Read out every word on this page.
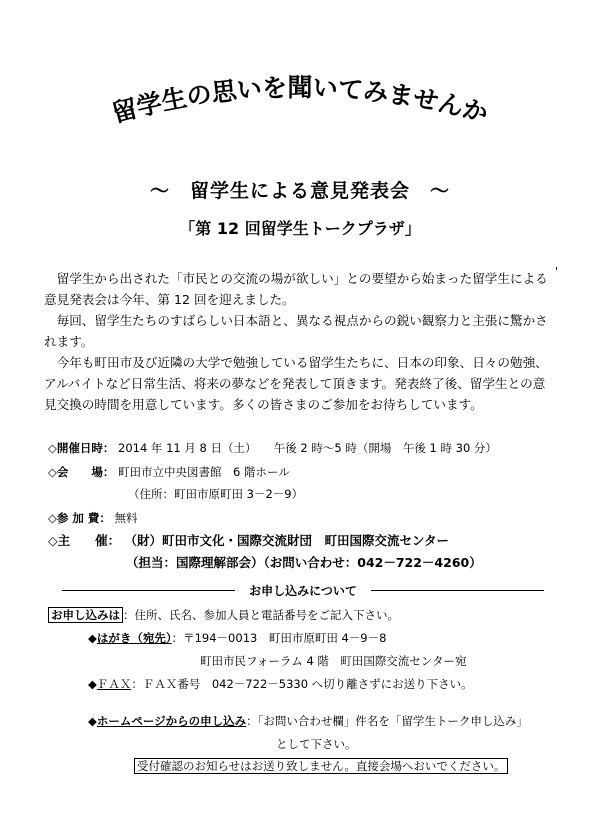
留学生の思いを聞いてみませんか
～　留学生による意見発表会　～
「第 12 回留学生トークプラザ」
'

留学生から出された「市民との交流の場が欲しい」との要望から始まった留学生による意見発表会は今年、第 12 回を迎えました。

毎回、留学生たちのすばらしい日本語と、異なる視点からの鋭い観察力と主張に驚かされます。

今年も町田市及び近隣の大学で勉強している留学生たちに、日本の印象、日々の勉強、アルバイトなど日常生活、将来の夢などを発表して頂きます。発表終了後、留学生との意見交換の時間を用意しています。多くの皆さまのご参加をお待ちしています。

◇開催日時： 2014 年 11 月 8 日（土）　　午後 2 時～5 時（開場　午後 1 時 30 分）
◇会　　場： 町田市立中央図書館　6 階ホール
（住所：町田市原町田 3－2－9）
◇参 加 費： 無料
◇主　　催： （財）町田市文化・国際交流財団　町田国際交流センター
（担当：国際理解部会）（お問い合わせ：042－722－4260）
お申し込みについて
お申し込みは ：住所、氏名、参加人員と電話番号をご記入下さい。
◆はがき（宛先）：〒194－0013　町田市原町田 4－9－8
町田市民フォーラム 4 階　町田国際交流センター宛
◆ＦＡＸ：ＦＡＸ番号　042－722－5330 へ切り離さずにお送り下さい。
◆ホームページからの申し込み：「お問い合わせ欄」件名を「留学生トーク申し込み」
として下さい。
受付確認のお知らせはお送り致しません。直接会場へおいでください。
